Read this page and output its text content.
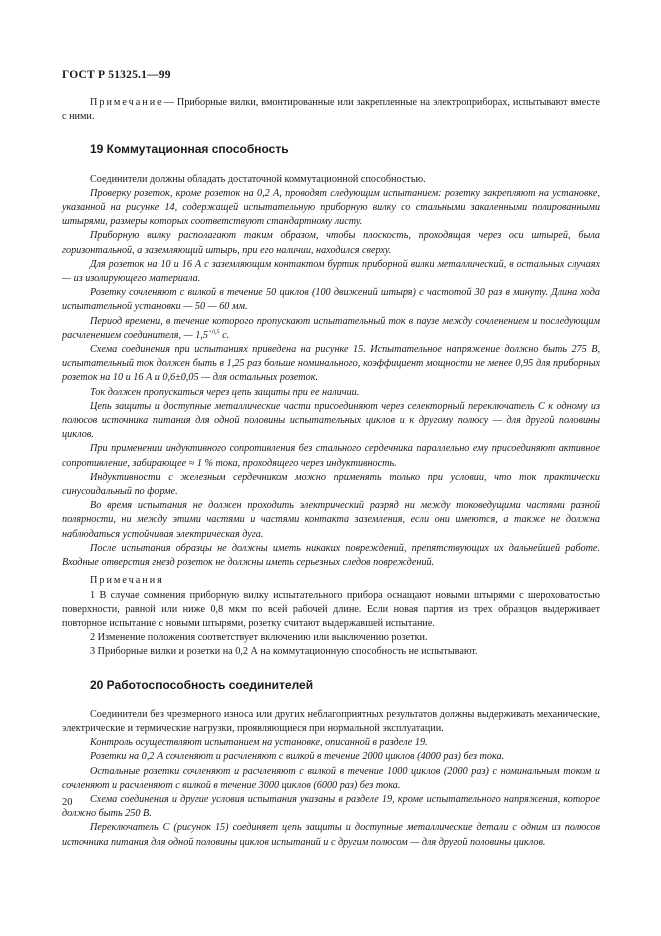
ГОСТ Р 51325.1—99

Примечание— Приборные вилки, вмонтированные или закрепленные на электроприборах, испытывают вместе с ними.

19 Коммутационная способность

Соединители должны обладать достаточной коммутационной способностью.

Проверку розеток, кроме розеток на 0,2 А, проводят следующим испытанием: розетку закрепляют на установке, указанной на рисунке 14, содержащей испытательную приборную вилку со стальными закаленными полированными штырями, размеры которых соответствуют стандартному листу.

Приборную вилку располагают таким образом, чтобы плоскость, проходящая через оси штырей, была горизонтальной, а заземляющий штырь, при его наличии, находился сверху.

Для розеток на 10 и 16 А с заземляющим контактом буртик приборной вилки металлический, в остальных случаях — из изолирующего материала.

Розетку сочленяют с вилкой в течение 50 циклов (100 движений штыря) с частотой 30 раз в минуту. Длина хода испытательной установки — 50 — 60 мм.

Период времени, в течение которого пропускают испытательный ток в паузе между сочленением и последующим расчленением соединителя, — $1,5^{+0,5}$ с.

Схема соединения при испытаниях приведена на рисунке 15. Испытательное напряжение должно быть 275 В, испытательный ток должен быть в 1,25 раз больше номинального, коэффициент мощности не менее 0,95 для приборных розеток на 10 и 16 А и 0,6±0,05 — для остальных розеток.

Ток должен пропускаться через цепь защиты при ее наличии.

Цепь защиты и доступные металлические части присоединяют через селекторный переключатель С к одному из полюсов источника питания для одной половины испытательных циклов и к другому полюсу — для другой половины циклов.

При применении индуктивного сопротивления без стального сердечника параллельно ему присоединяют активное сопротивление, забирающее ≈ 1 % тока, проходящего через индуктивность.

Индуктивности с железным сердечником можно применять только при условии, что ток практически синусоидальный по форме.

Во время испытания не должен проходить электрический разряд ни между токоведущими частями разной полярности, ни между этими частями и частями контакта заземления, если они имеются, а также не должна наблюдаться устойчивая электрическая дуга.

После испытания образцы не должны иметь никаких повреждений, препятствующих их дальнейшей работе. Входные отверстия гнезд розеток не должны иметь серьезных следов повреждений.

Примечания

1 В случае сомнения приборную вилку испытательного прибора оснащают новыми штырями с шероховатостью поверхности, равной или ниже 0,8 мкм по всей рабочей длине. Если новая партия из трех образцов выдерживает повторное испытание с новыми штырями, розетку считают выдержавшей испытание.

2 Изменение положения соответствует включению или выключению розетки.

3 Приборные вилки и розетки на 0,2 А на коммутационную способность не испытывают.

20 Работоспособность соединителей

Соединители без чрезмерного износа или других неблагоприятных результатов должны выдерживать механические, электрические и термические нагрузки, проявляющиеся при нормальной эксплуатации.

Контроль осуществляют испытанием на установке, описанной в разделе 19.

Розетки на 0,2 А сочленяют и расчленяют с вилкой в течение 2000 циклов (4000 раз) без тока.

Остальные розетки сочленяют и расчленяют с вилкой в течение 1000 циклов (2000 раз) с номинальным током и сочленяют и расчленяют с вилкой в течение 3000 циклов (6000 раз) без тока.

Схема соединения и другие условия испытания указаны в разделе 19, кроме испытательного напряжения, которое должно быть 250 В.

Переключатель С (рисунок 15) соединяет цепь защиты и доступные металлические детали с одним из полюсов источника питания для одной половины циклов испытаний и с другим полюсом — для другой половины циклов.

20
